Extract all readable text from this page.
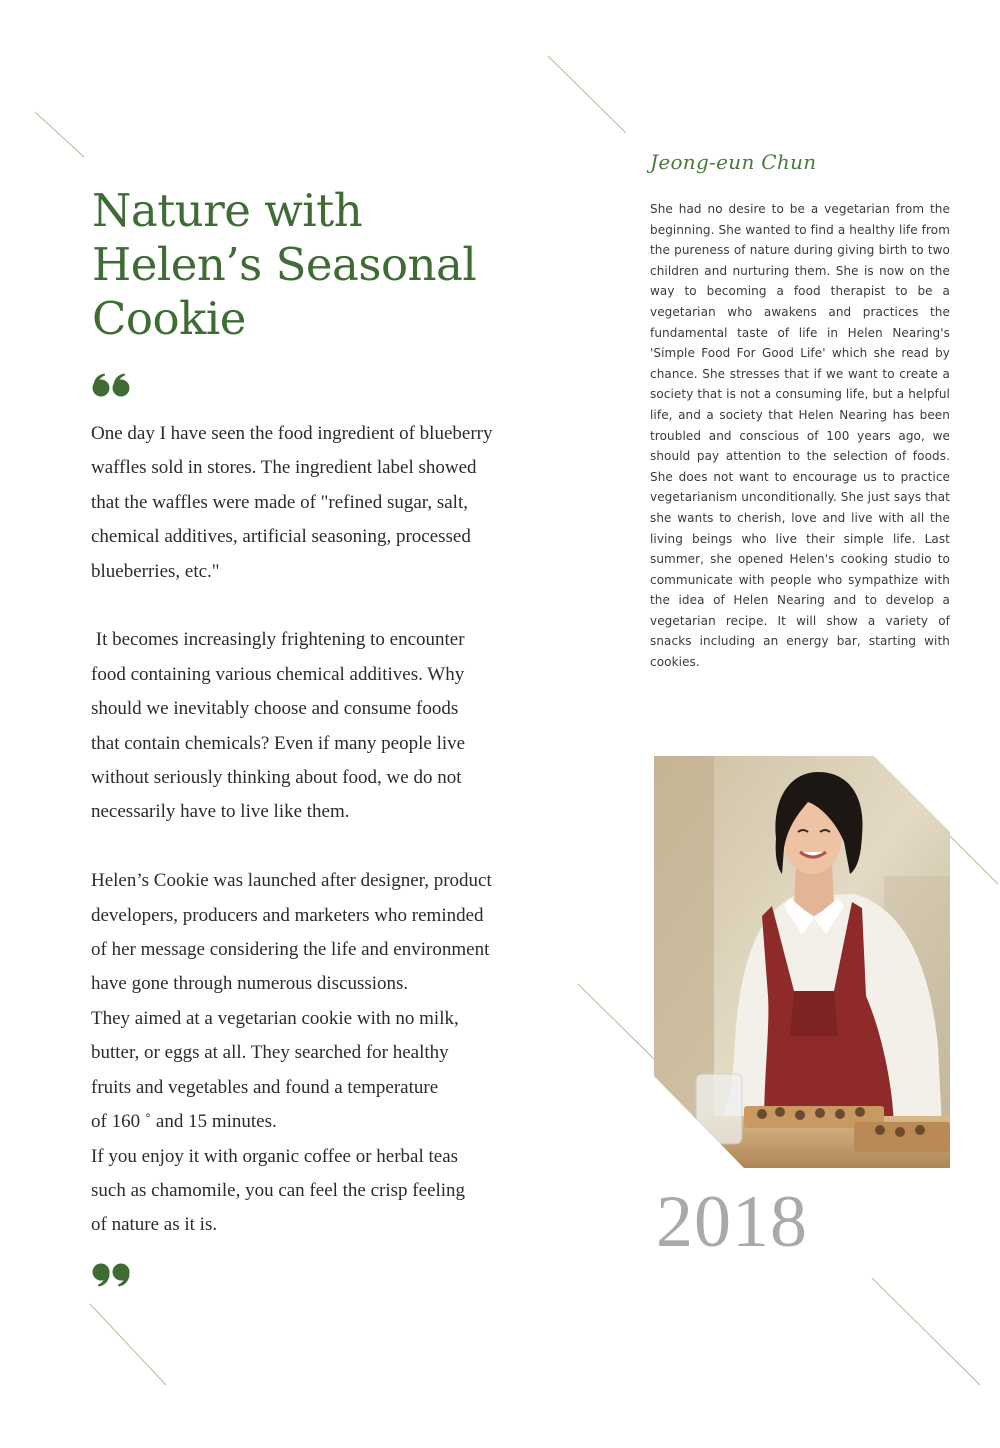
Nature with
Helen’s Seasonal
Cookie

One day I have seen the food ingredient of blueberry

waffles sold in stores. The ingredient label showed

that the waffles were made of "refined sugar, salt,

chemical additives, artificial seasoning, processed

blueberries, etc."

It becomes increasingly frightening to encounter

food containing various chemical additives. Why

should we inevitably choose and consume foods

that contain chemicals? Even if many people live

without seriously thinking about food, we do not

necessarily have to live like them.

Helen’s Cookie was launched after designer, product

developers, producers and marketers who reminded

of her message considering the life and environment

have gone through numerous discussions.

They aimed at a vegetarian cookie with no milk,

butter, or eggs at all. They searched for healthy

fruits and vegetables and found a temperature

of 160 ˚ and 15 minutes.

If you enjoy it with organic coffee or herbal teas

such as chamomile, you can feel the crisp feeling

of nature as it is.

Jeong-eun Chun
She had no desire to be a vegetarian from the beginning. She wanted to find a healthy life from the pureness of nature during giving birth to two children and nurturing them. She is now on the way to becoming a food therapist to be a vegetarian who awakens and practices the fundamental taste of life in Helen Nearing's 'Simple Food For Good Life' which she read by chance. She stresses that if we want to create a society that is not a consuming life, but a helpful life, and a society that Helen Nearing has been troubled and conscious of 100 years ago, we should pay attention to the selection of foods. She does not want to encourage us to practice vegetarianism unconditionally. She just says that she wants to cherish, love and live with all the living beings who live their simple life. Last summer, she opened Helen's cooking studio to communicate with people who sympathize with the idea of Helen Nearing and to develop a vegetarian recipe. It will show a variety of snacks including an energy bar, starting with cookies.
2018
